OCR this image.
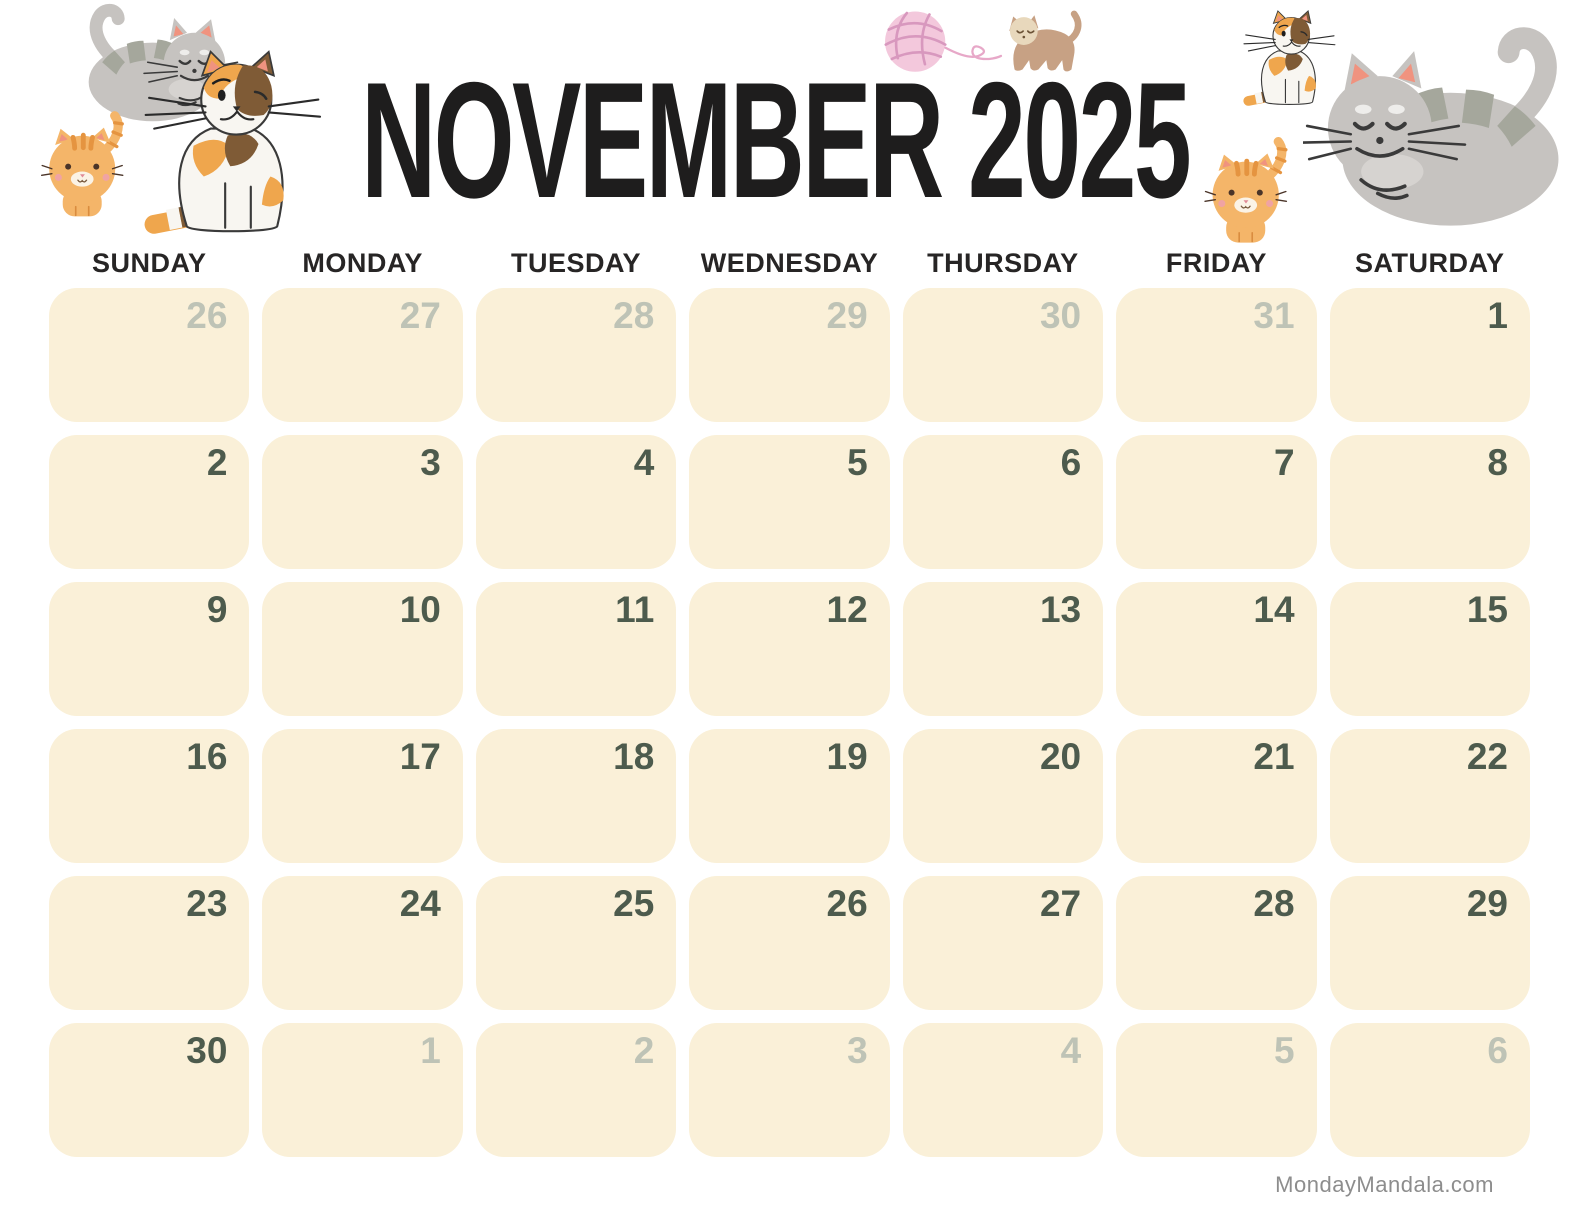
NOVEMBER 2025
SUNDAY	MONDAY	TUESDAY	WEDNESDAY	THURSDAY	FRIDAY	SATURDAY
26	27	28	29	30	31	1
2	3	4	5	6	7	8
9	10	11	12	13	14	15
16	17	18	19	20	21	22
23	24	25	26	27	28	29
30	1	2	3	4	5	6
MondayMandala.com
